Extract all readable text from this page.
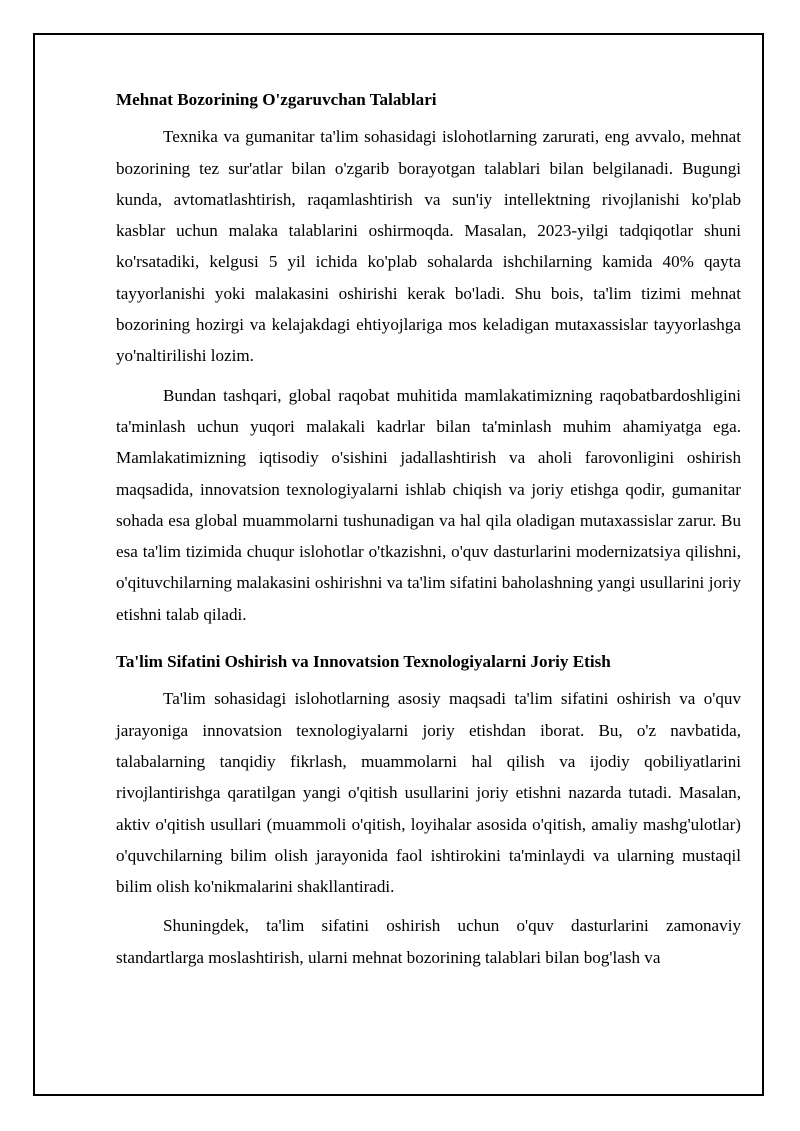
Mehnat Bozorining O'zgaruvchan Talablari

Texnika va gumanitar ta'lim sohasidagi islohotlarning zarurati, eng avvalo, mehnat bozorining tez sur'atlar bilan o'zgarib borayotgan talablari bilan belgilanadi. Bugungi kunda, avtomatlashtirish, raqamlashtirish va sun'iy intellektning rivojlanishi ko'plab kasblar uchun malaka talablarini oshirmoqda. Masalan, 2023-yilgi tadqiqotlar shuni ko'rsatadiki, kelgusi 5 yil ichida ko'plab sohalarda ishchilarning kamida 40% qayta tayyorlanishi yoki malakasini oshirishi kerak bo'ladi. Shu bois, ta'lim tizimi mehnat bozorining hozirgi va kelajakdagi ehtiyojlariga mos keladigan mutaxassislar tayyorlashga yo'naltirilishi lozim.

Bundan tashqari, global raqobat muhitida mamlakatimizning raqobatbardoshligini ta'minlash uchun yuqori malakali kadrlar bilan ta'minlash muhim ahamiyatga ega. Mamlakatimizning iqtisodiy o'sishini jadallashtirish va aholi farovonligini oshirish maqsadida, innovatsion texnologiyalarni ishlab chiqish va joriy etishga qodir, gumanitar sohada esa global muammolarni tushunadigan va hal qila oladigan mutaxassislar zarur. Bu esa ta'lim tizimida chuqur islohotlar o'tkazishni, o'quv dasturlarini modernizatsiya qilishni, o'qituvchilarning malakasini oshirishni va ta'lim sifatini baholashning yangi usullarini joriy etishni talab qiladi.

Ta'lim Sifatini Oshirish va Innovatsion Texnologiyalarni Joriy Etish

Ta'lim sohasidagi islohotlarning asosiy maqsadi ta'lim sifatini oshirish va o'quv jarayoniga innovatsion texnologiyalarni joriy etishdan iborat. Bu, o'z navbatida, talabalarning tanqidiy fikrlash, muammolarni hal qilish va ijodiy qobiliyatlarini rivojlantirishga qaratilgan yangi o'qitish usullarini joriy etishni nazarda tutadi. Masalan, aktiv o'qitish usullari (muammoli o'qitish, loyihalar asosida o'qitish, amaliy mashg'ulotlar) o'quvchilarning bilim olish jarayonida faol ishtirokini ta'minlaydi va ularning mustaqil bilim olish ko'nikmalarini shakllantiradi.

Shuningdek, ta'lim sifatini oshirish uchun o'quv dasturlarini zamonaviy standartlarga moslashtirish, ularni mehnat bozorining talablari bilan bog'lash va
